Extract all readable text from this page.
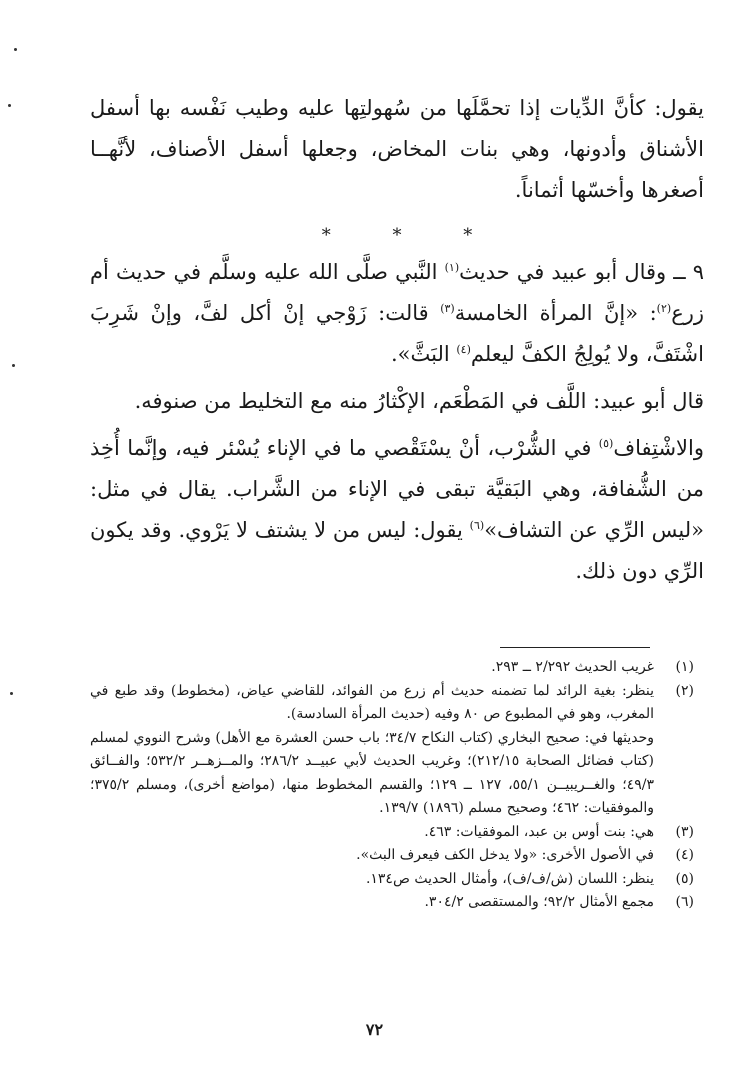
يقول: كأنَّ الدِّيات إذا تحمَّلَها من سُهولتِها عليه وطيب نَفْسه بها أسفل الأشناق وأدونها، وهي بنات المخاض، وجعلها أسفل الأصناف، لأنَّهــا أصغرها وأخسّها أثماناً.

* * *

٩ ــ وقال أبو عبيد في حديث$^{(١)}$ النَّبي صلَّى الله عليه وسلَّم في حديث أم زرع$^{(٢)}$: «إنَّ المرأة الخامسة$^{(٣)}$ قالت: زَوْجي إنْ أكل لفَّ، وإنْ شَرِبَ اشْتَفَّ، ولا يُولِجُ الكفَّ ليعلم$^{(٤)}$ البَثَّ».

قال أبو عبيد: اللَّف في المَطْعَم، الإكْثارُ منه مع التخليط من صنوفه.

والاشْتِفاف$^{(٥)}$ في الشُّرْب، أنْ يسْتَقْصي ما في الإناء يُسْئر فيه، وإنَّما أُخِذ من الشُّفافة، وهي البَقيَّة تبقى في الإناء من الشَّراب. يقال في مثل: «ليس الرِّي عن التشاف»$^{(٦)}$ يقول: ليس من لا يشتف لا يَرْوي. وقد يكون الرِّي دون ذلك.

(١)
غريب الحديث ٢/٢٩٢ ــ ٢٩٣.
(٢)
ينظر: بغية الرائد لما تضمنه حديث أم زرع من الفوائد، للقاضي عياض، (مخطوط) وقد طبع في المغرب، وهو في المطبوع ص ٨٠ وفيه (حديث المرأة السادسة).
وحديثها في: صحيح البخاري (كتاب النكاح ٣٤/٧؛ باب حسن العشرة مع الأهل) وشرح النووي لمسلم (كتاب فضائل الصحابة ٢١٢/١٥)؛ وغريب الحديث لأبي عبيــد ٢٨٦/٢؛ والمــزهــر ٥٣٢/٢؛ والفــائق ٤٩/٣؛ والغــريبيــن ٥٥/١، ١٢٧ ــ ١٢٩؛ والقسم المخطوط منها، (مواضع أخرى)، ومسلم ٣٧٥/٢؛ والموفقيات: ٤٦٢؛ وصحيح مسلم (١٨٩٦) ١٣٩/٧.
(٣)
هي: بنت أوس بن عبد، الموفقيات: ٤٦٣.
(٤)
في الأصول الأخرى: «ولا يدخل الكف فيعرف البث».
(٥)
ينظر: اللسان (ش/ف/ف)، وأمثال الحديث ص١٣٤.
(٦)
مجمع الأمثال ٩٢/٢؛ والمستقصى ٣٠٤/٢.
٧٢
